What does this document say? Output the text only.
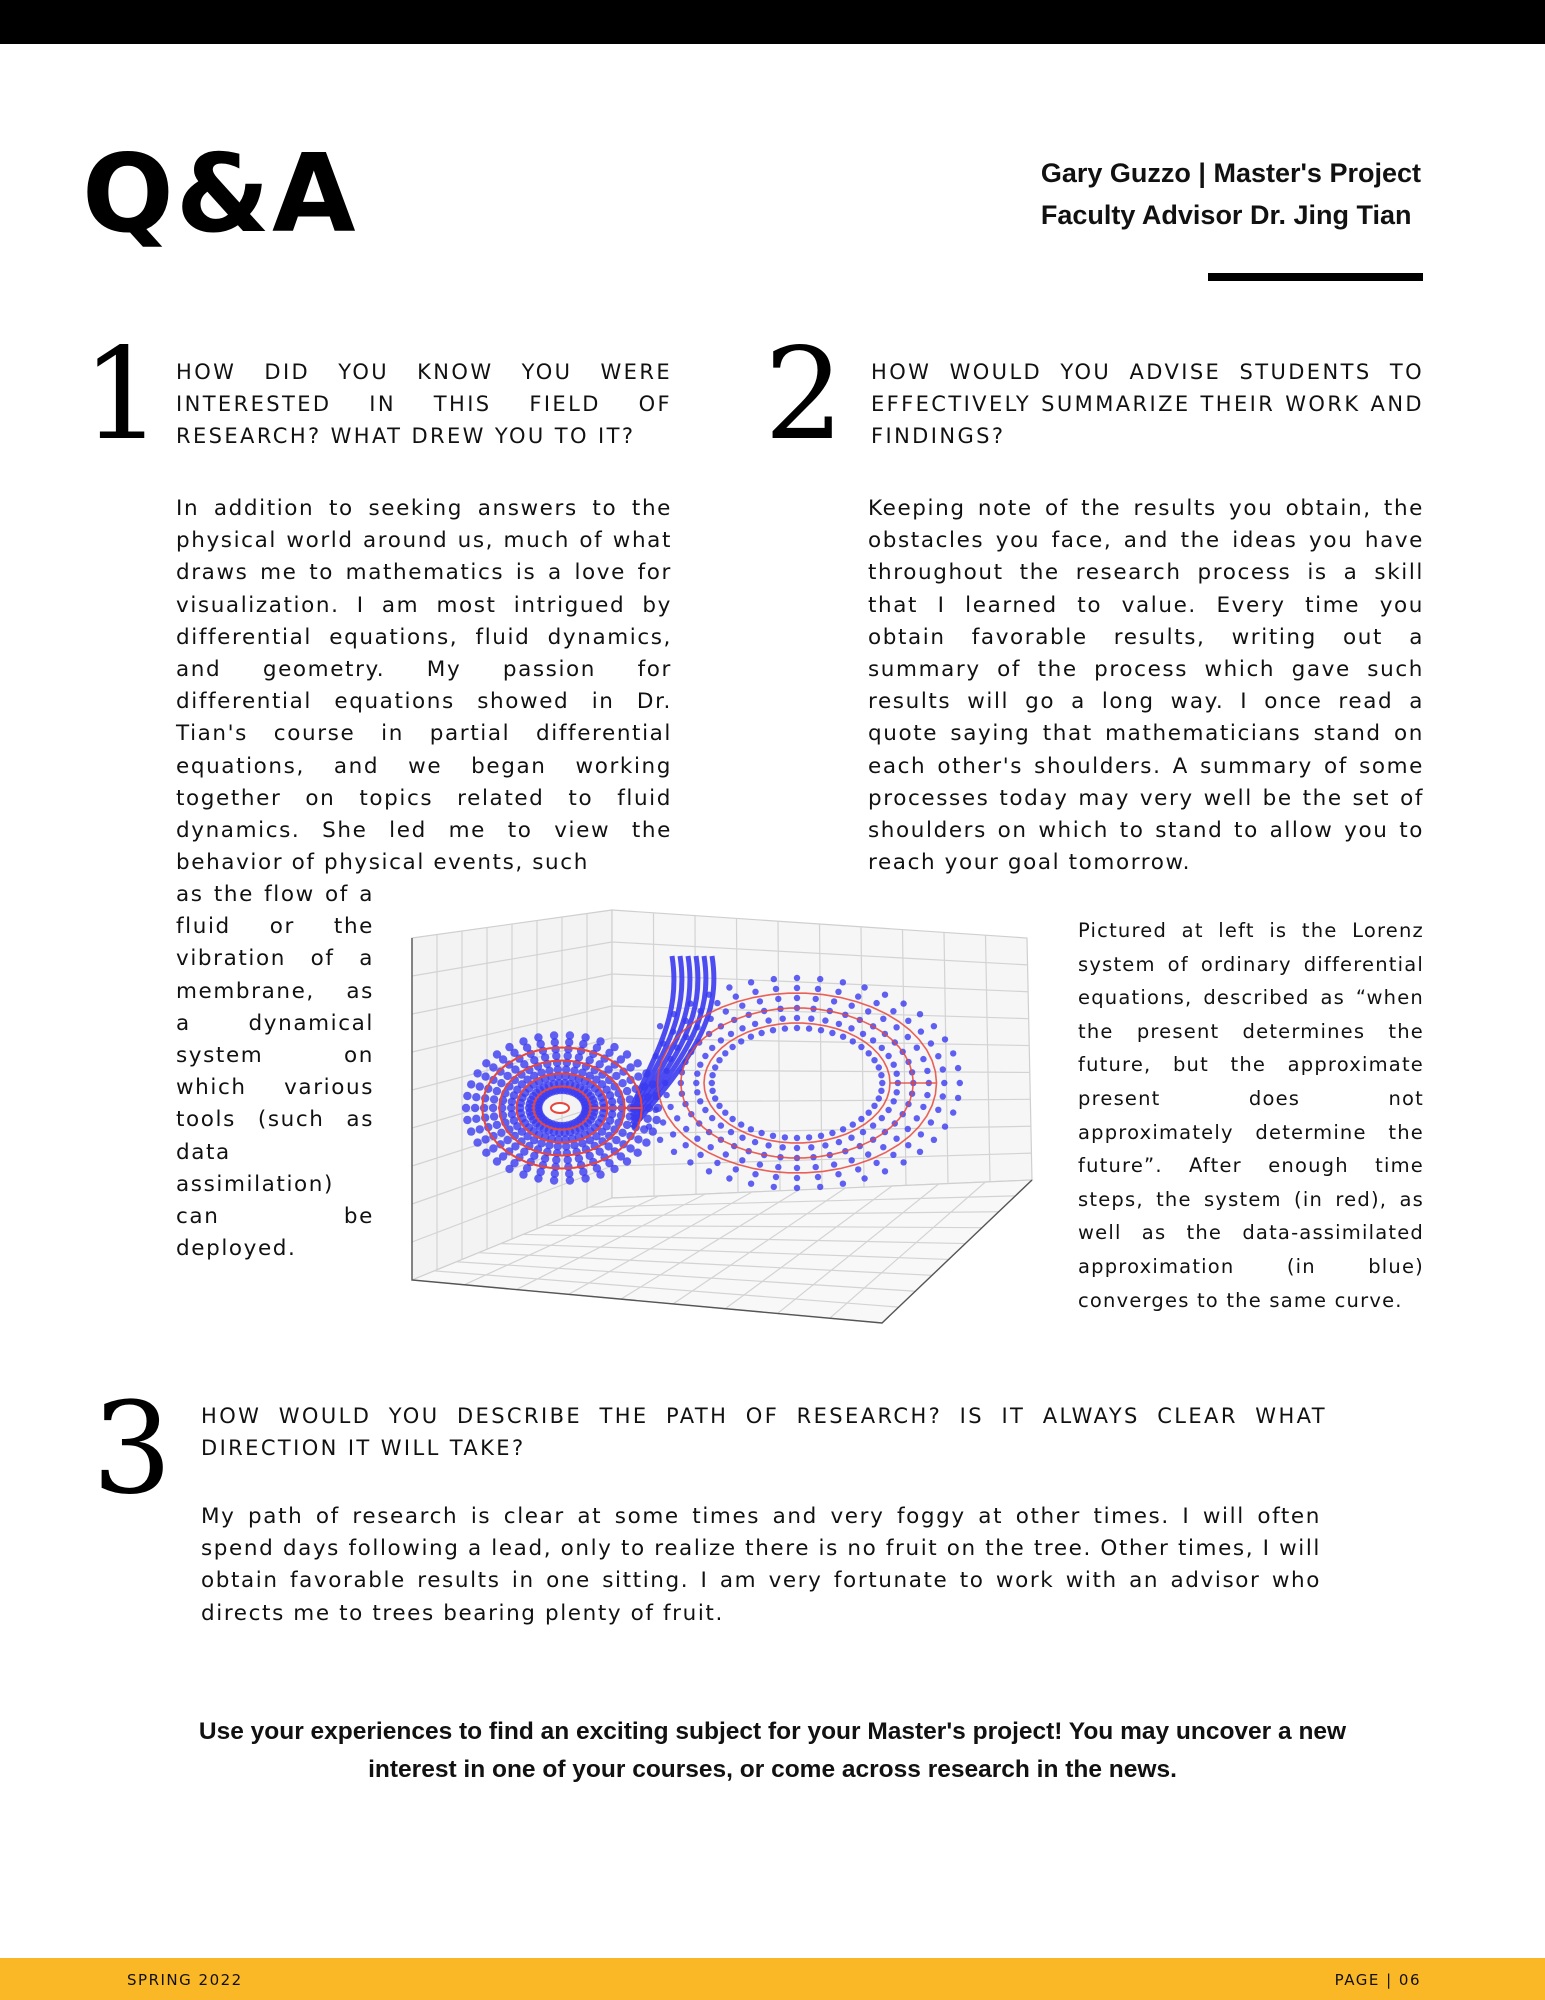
Q&A	Gary Guzzo | Master's Project
Faculty Advisor Dr. Jing Tian
1 HOW DID YOU KNOW YOU WERE INTERESTED IN THIS FIELD OF RESEARCH? WHAT DREW YOU TO IT?

In addition to seeking answers to the physical world around us, much of what draws me to mathematics is a love for visualization. I am most intrigued by differential equations, fluid dynamics, and geometry. My passion for differential equations showed in Dr. Tian's course in partial differential equations, and we began working together on topics related to fluid dynamics. She led me to view the behavior of physical events, such

as the flow of a fluid or the vibration of a membrane, as a dynamical system on which various tools (such as data assimilation) can be deployed.

2 HOW WOULD YOU ADVISE STUDENTS TO EFFECTIVELY SUMMARIZE THEIR WORK AND FINDINGS?

Keeping note of the results you obtain, the obstacles you face, and the ideas you have throughout the research process is a skill that I learned to value. Every time you obtain favorable results, writing out a summary of the process which gave such results will go a long way. I once read a quote saying that mathematicians stand on each other's shoulders. A summary of some processes today may very well be the set of shoulders on which to stand to allow you to reach your goal tomorrow.

Pictured at left is the Lorenz system of ordinary differential equations, described as “when the present determines the future, but the approximate present does not approximately determine the future”. After enough time steps, the system (in red), as well as the data-assimilated approximation (in blue) converges to the same curve.

3 HOW WOULD YOU DESCRIBE THE PATH OF RESEARCH? IS IT ALWAYS CLEAR WHAT DIRECTION IT WILL TAKE?

My path of research is clear at some times and very foggy at other times. I will often spend days following a lead, only to realize there is no fruit on the tree. Other times, I will obtain favorable results in one sitting. I am very fortunate to work with an advisor who directs me to trees bearing plenty of fruit.

Use your experiences to find an exciting subject for your Master's project! You may uncover a new interest in one of your courses, or come across research in the news.

SPRING 2022	PAGE | 06
